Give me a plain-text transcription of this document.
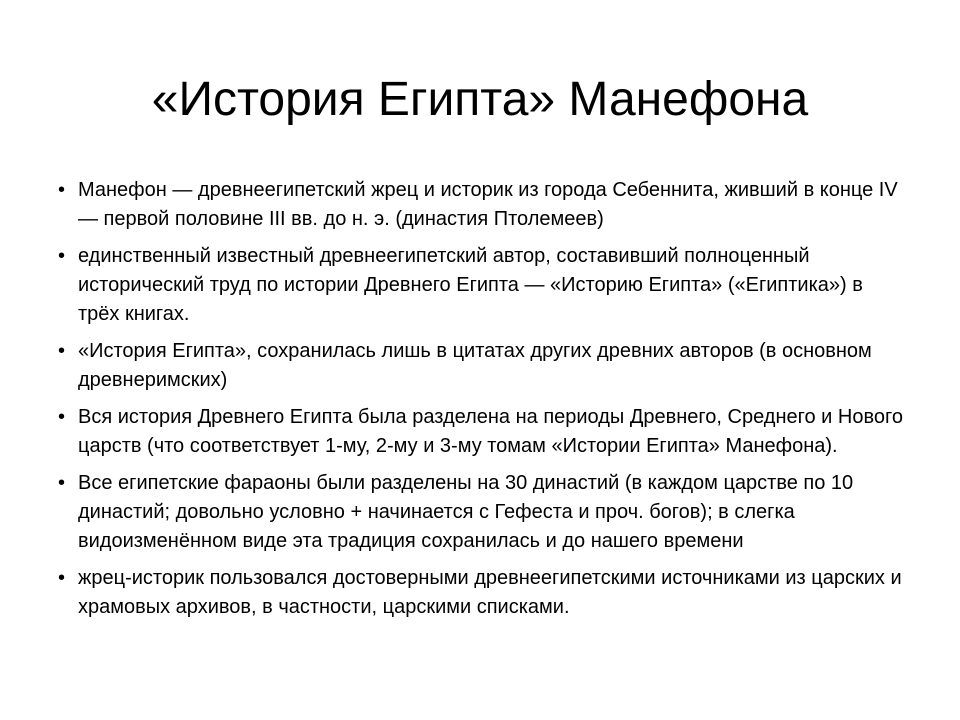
«История Египта» Манефона
• Манефон — древнеегипетский жрец и историк из города Себеннита, живший в конце IV — первой половине III вв. до н. э. (династия Птолемеев)
• единственный известный древнеегипетский автор, составивший полноценный исторический труд по истории Древнего Египта — «Историю Египта» («Египтика») в трёх книгах.
• «История Египта», сохранилась лишь в цитатах других древних авторов (в основном древнеримских)
• Вся история Древнего Египта была разделена на периоды Древнего, Среднего и Нового царств (что соответствует 1-му, 2-му и 3-му томам «Истории Египта» Манефона).
• Все египетские фараоны были разделены на 30 династий (в каждом царстве по 10 династий; довольно условно + начинается с Гефеста и проч. богов); в слегка видоизменённом виде эта традиция сохранилась и до нашего времени
• жрец-историк пользовался достоверными древнеегипетскими источниками из царских и храмовых архивов, в частности, царскими списками.
